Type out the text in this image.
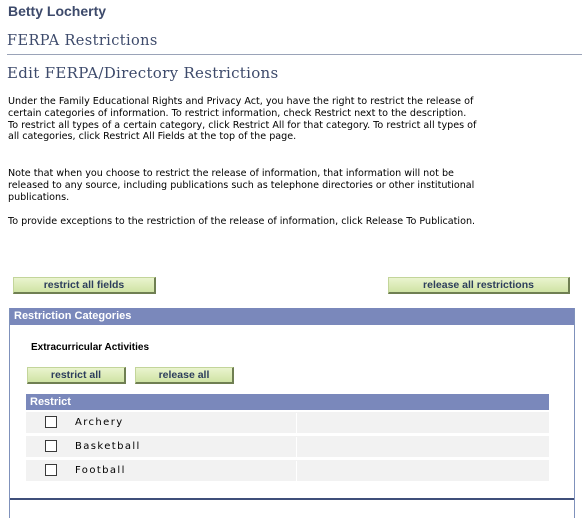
Betty Locherty
FERPA Restrictions
Edit FERPA/Directory Restrictions

Under the Family Educational Rights and Privacy Act, you have the right to restrict the release of certain categories of information. To restrict information, check Restrict next to the description. To restrict all types of a certain category, click Restrict All for that category. To restrict all types of all categories, click Restrict All Fields at the top of the page.

Note that when you choose to restrict the release of information, that information will not be released to any source, including publications such as telephone directories or other institutional publications.

To provide exceptions to the restriction of the release of information, click Release To Publication.

restrict all fields	release all restrictions
Restriction Categories
Extracurricular Activities
Restrict
Archery
Basketball
Football
restrict all	release all
